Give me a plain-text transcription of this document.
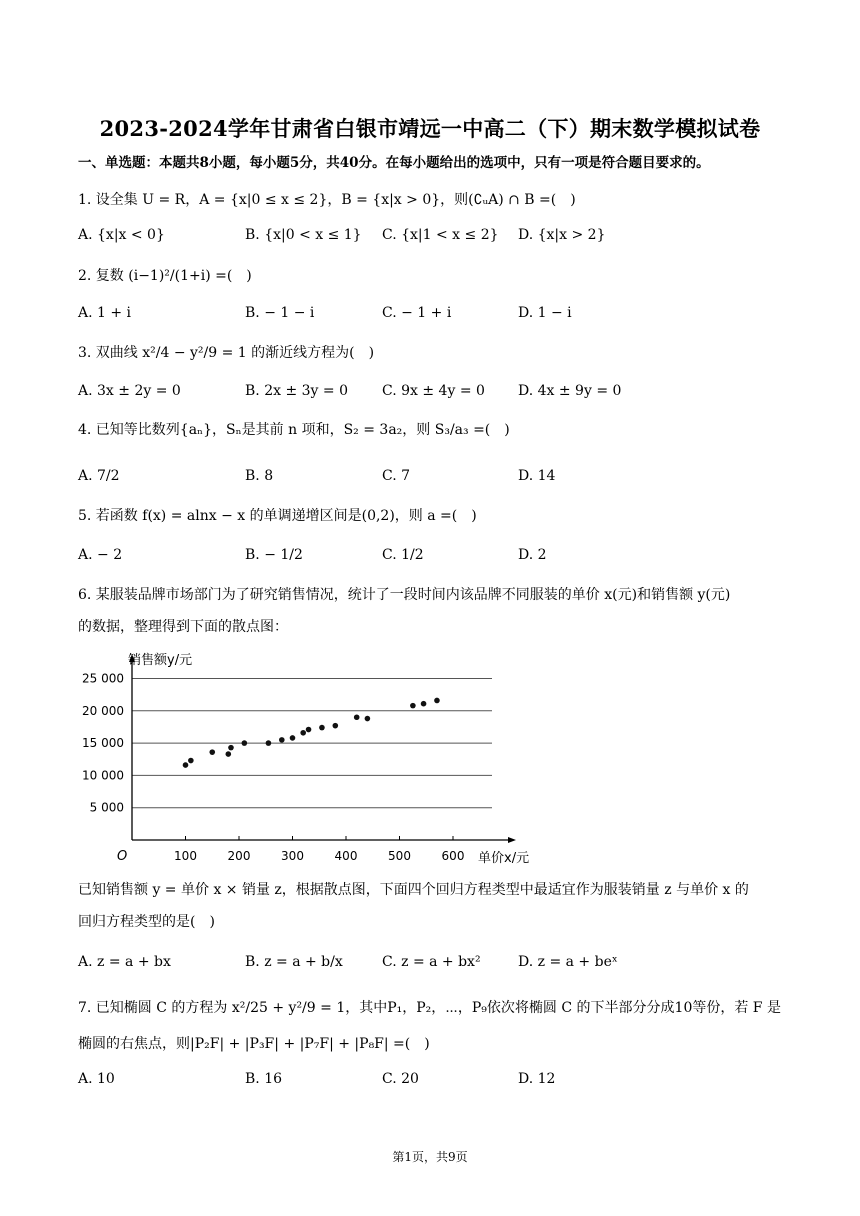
2023-2024学年甘肃省白银市靖远一中高二（下）期末数学模拟试卷
一、单选题：本题共8小题，每小题5分，共40分。在每小题给出的选项中，只有一项是符合题目要求的。
1. 设全集 U = R，A = {x|0 ≤ x ≤ 2}，B = {x|x > 0}，则(∁ᵤA) ∩ B =(　)
A. {x|x < 0}	B. {x|0 < x ≤ 1} C. {x|1 < x ≤ 2} D. {x|x > 2}
2. 复数 (i−1)²/(1+i) =(　)
A. 1 + i	B. − 1 − i	C. − 1 + i	D. 1 − i
3. 双曲线 x²/4 − y²/9 = 1 的渐近线方程为(　)
A. 3x ± 2y = 0	B. 2x ± 3y = 0 C. 9x ± 4y = 0 D. 4x ± 9y = 0
4. 已知等比数列{aₙ}，Sₙ是其前 n 项和，S₂ = 3a₂，则 S₃/a₃ =(　)
A. 7/2	B. 8	C. 7	D. 14
5. 若函数 f(x) = alnx − x 的单调递增区间是(0,2)，则 a =(　)
A. − 2	B. − 1/2	C. 1/2	D. 2
6. 某服装品牌市场部门为了研究销售情况，统计了一段时间内该品牌不同服装的单价 x(元)和销售额 y(元)
的数据，整理得到下面的散点图：
5 000
10 000
15 000
20 000
25 000
100	200	300	400	500	600
销售额y/元
单价x/元
O
已知销售额 y = 单价 x × 销量 z，根据散点图，下面四个回归方程类型中最适宜作为服装销量 z 与单价 x 的
回归方程类型的是(　)
A. z = a + bx	B. z = a + b/x	C. z = a + bx²	D. z = a + beˣ
7. 已知椭圆 C 的方程为 x²/25 + y²/9 = 1，其中P₁，P₂，⋯，P₉依次将椭圆 C 的下半部分分成10等份，若 F 是
椭圆的右焦点，则|P₂F| + |P₃F| + |P₇F| + |P₈F| =(　)
A. 10	B. 16	C. 20	D. 12
第1页，共9页
